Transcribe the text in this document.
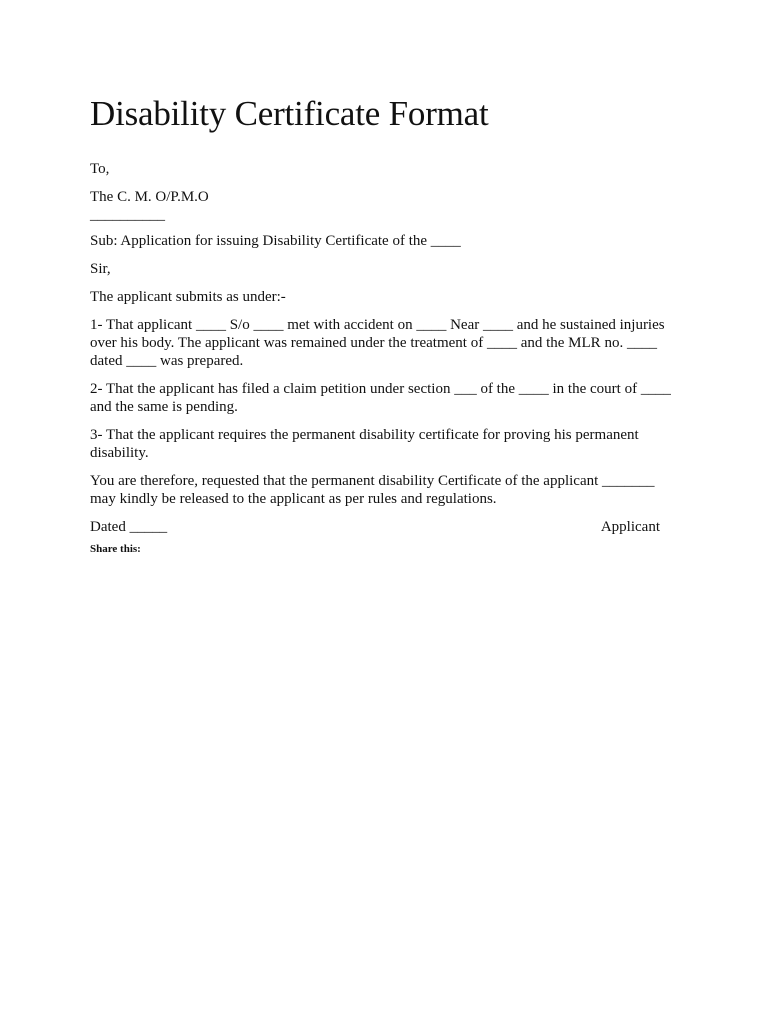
Disability Certificate Format

To,

The C. M. O/P.M.O

__________

Sub: Application for issuing Disability Certificate of the ____

Sir,

The applicant submits as under:-

1- That applicant ____ S/o ____ met with accident on ____ Near ____ and he sustained injuries over his body. The applicant was remained under the treatment of ____ and the MLR no. ____ dated ____ was prepared.

2- That the applicant has filed a claim petition under section ___ of the ____ in the court of ____ and the same is pending.

3- That the applicant requires the permanent disability certificate for proving his permanent disability.

You are therefore, requested that the permanent disability Certificate of the applicant _______ may kindly be released to the applicant as per rules and regulations.

Dated _____	Applicant

Share this:
